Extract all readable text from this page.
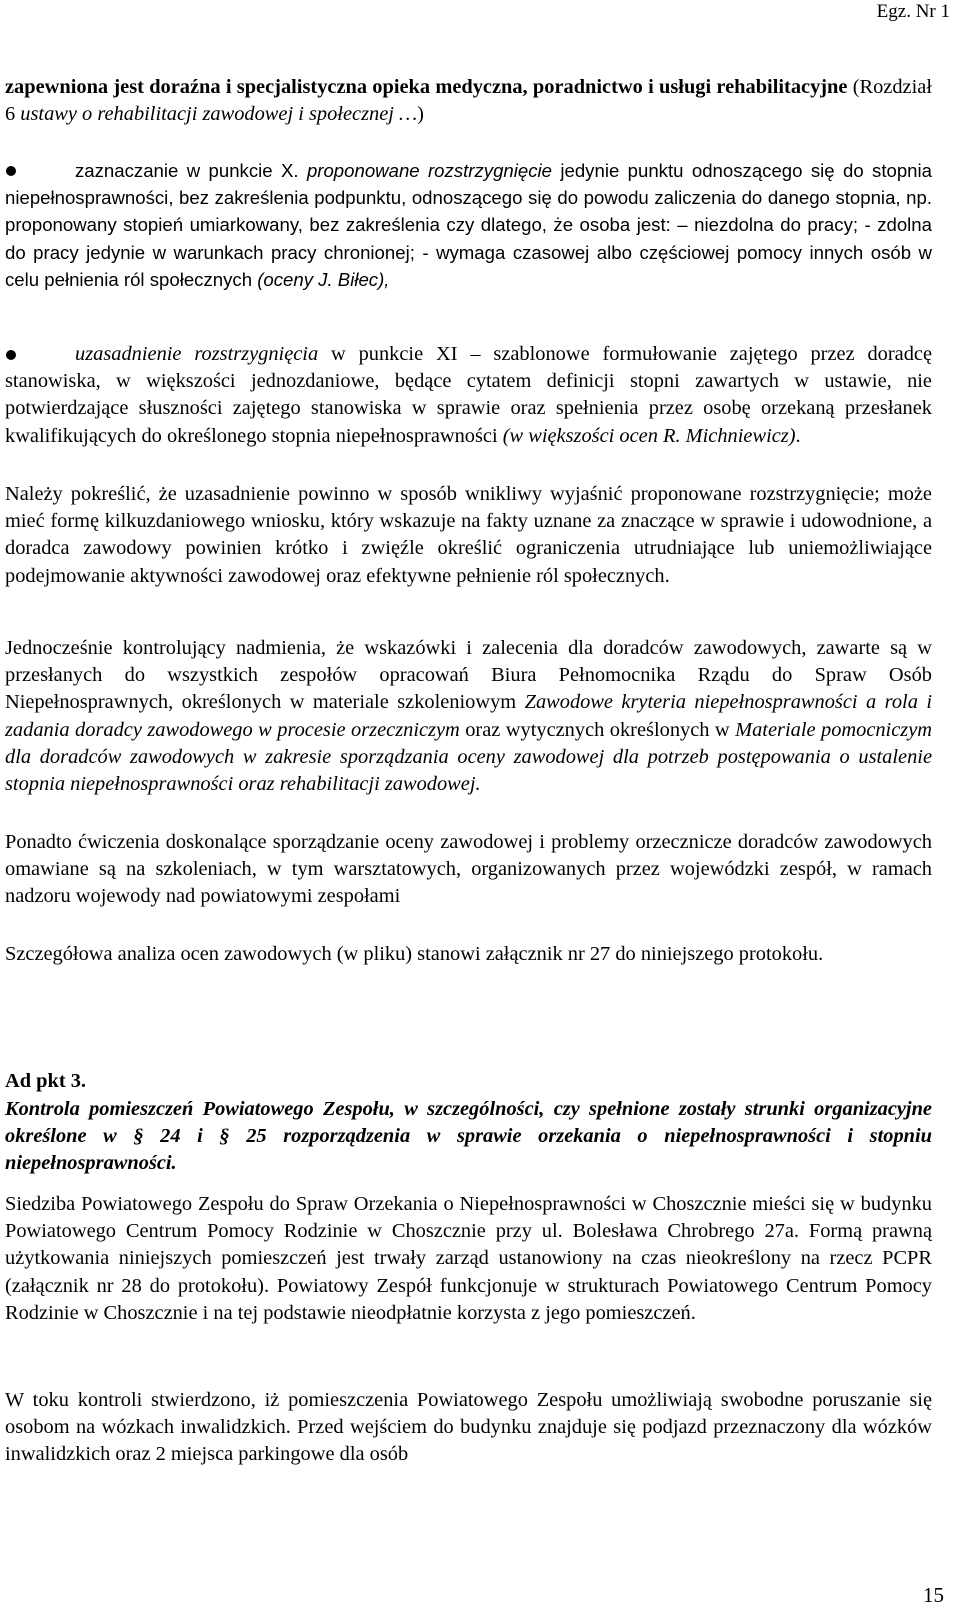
Egz. Nr 1

zapewniona jest doraźna i specjalistyczna opieka medyczna, poradnictwo i usługi rehabilitacyjne (Rozdział 6 ustawy o rehabilitacji zawodowej i społecznej …)

zaznaczanie w punkcie X. proponowane rozstrzygnięcie jedynie punktu odnoszącego się do stopnia niepełnosprawności, bez zakreślenia podpunktu, odnoszącego się do powodu zaliczenia do danego stopnia, np. proponowany stopień umiarkowany, bez zakreślenia czy dlatego, że osoba jest: – niezdolna do pracy; - zdolna do pracy jedynie w warunkach pracy chronionej; - wymaga czasowej albo częściowej pomocy innych osób w celu pełnienia ról społecznych (oceny J. Biłec),
uzasadnienie rozstrzygnięcia w punkcie XI – szablonowe formułowanie zajętego przez doradcę stanowiska, w większości jednozdaniowe, będące cytatem definicji stopni zawartych w ustawie, nie potwierdzające słuszności zajętego stanowiska w sprawie oraz spełnienia przez osobę orzekaną przesłanek kwalifikujących do określonego stopnia niepełnosprawności (w większości ocen R. Michniewicz).

Należy pokreślić, że uzasadnienie powinno w sposób wnikliwy wyjaśnić proponowane rozstrzygnięcie; może mieć formę kilkuzdaniowego wniosku, który wskazuje na fakty uznane za znaczące w sprawie i udowodnione, a doradca zawodowy powinien krótko i zwięźle określić ograniczenia utrudniające lub uniemożliwiające podejmowanie aktywności zawodowej oraz efektywne pełnienie ról społecznych.

Jednocześnie kontrolujący nadmienia, że wskazówki i zalecenia dla doradców zawodowych, zawarte są w przesłanych do wszystkich zespołów opracowań Biura Pełnomocnika Rządu do Spraw Osób Niepełnosprawnych, określonych w materiale szkoleniowym Zawodowe kryteria niepełnosprawności a rola i zadania doradcy zawodowego w procesie orzeczniczym oraz wytycznych określonych w Materiale pomocniczym dla doradców zawodowych w zakresie sporządzania oceny zawodowej dla potrzeb postępowania o ustalenie stopnia niepełnosprawności oraz rehabilitacji zawodowej.

Ponadto ćwiczenia doskonalące sporządzanie oceny zawodowej i problemy orzecznicze doradców zawodowych omawiane są na szkoleniach, w tym warsztatowych, organizowanych przez wojewódzki zespół, w ramach nadzoru wojewody nad powiatowymi zespołami

Szczegółowa analiza ocen zawodowych (w pliku) stanowi załącznik nr 27 do niniejszego protokołu.

Ad pkt 3.

Kontrola pomieszczeń Powiatowego Zespołu, w szczególności, czy spełnione zostały strunki organizacyjne określone w § 24 i § 25 rozporządzenia w sprawie orzekania o niepełnosprawności i stopniu niepełnosprawności.

Siedziba Powiatowego Zespołu do Spraw Orzekania o Niepełnosprawności w Choszcznie mieści się w budynku Powiatowego Centrum Pomocy Rodzinie w Choszcznie przy ul. Bolesława Chrobrego 27a. Formą prawną użytkowania niniejszych pomieszczeń jest trwały zarząd ustanowiony na czas nieokreślony na rzecz PCPR (załącznik nr 28 do protokołu). Powiatowy Zespół funkcjonuje w strukturach Powiatowego Centrum Pomocy Rodzinie w Choszcznie i na tej podstawie nieodpłatnie korzysta z jego pomieszczeń.

W toku kontroli stwierdzono, iż pomieszczenia Powiatowego Zespołu umożliwiają swobodne poruszanie się osobom na wózkach inwalidzkich. Przed wejściem do budynku znajduje się podjazd przeznaczony dla wózków inwalidzkich oraz 2 miejsca parkingowe dla osób

15
